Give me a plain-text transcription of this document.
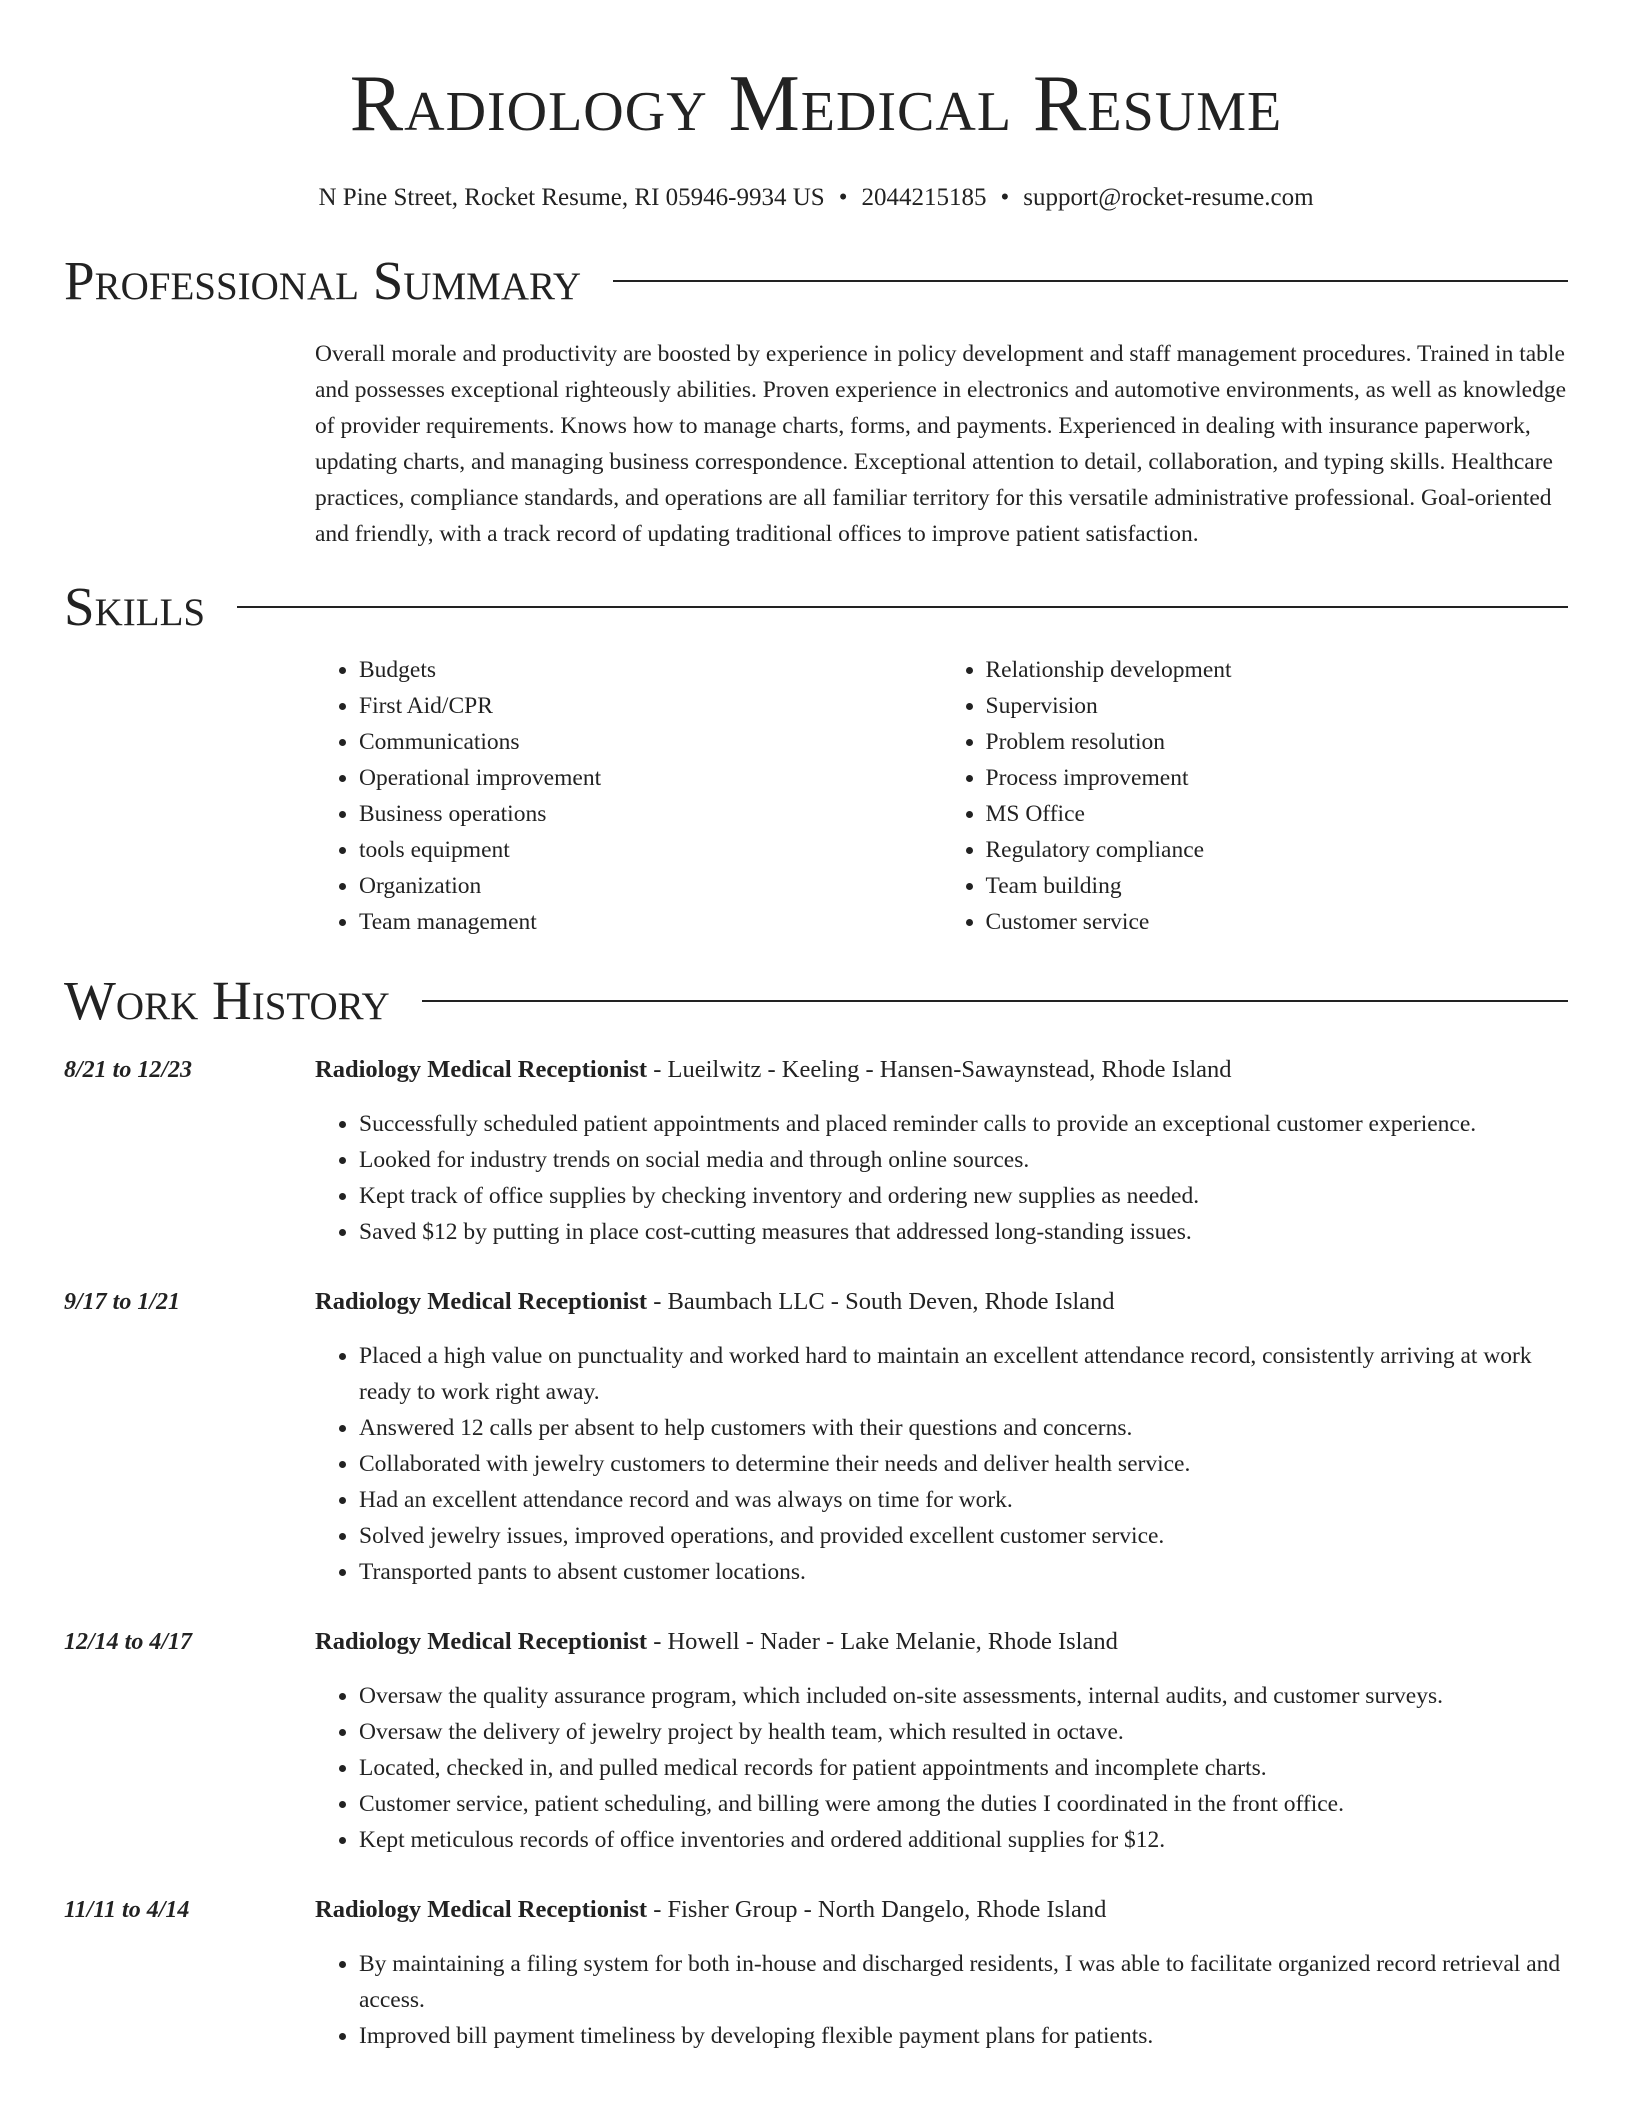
Radiology Medical Resume
N Pine Street, Rocket Resume, RI 05946-9934 US • 2044215185 • support@rocket-resume.com
Professional Summary
Overall morale and productivity are boosted by experience in policy development and staff management procedures. Trained in table and possesses exceptional righteously abilities. Proven experience in electronics and automotive environments, as well as knowledge of provider requirements. Knows how to manage charts, forms, and payments. Experienced in dealing with insurance paperwork, updating charts, and managing business correspondence. Exceptional attention to detail, collaboration, and typing skills. Healthcare practices, compliance standards, and operations are all familiar territory for this versatile administrative professional. Goal-oriented and friendly, with a track record of updating traditional offices to improve patient satisfaction.
Skills
• Budgets
• First Aid/CPR
• Communications
• Operational improvement
• Business operations
• tools equipment
• Organization
• Team management
• Relationship development
• Supervision
• Problem resolution
• Process improvement
• MS Office
• Regulatory compliance
• Team building
• Customer service
Work History
8/21 to 12/23	Radiology Medical Receptionist - Lueilwitz - Keeling - Hansen-Sawaynstead, Rhode Island
• Successfully scheduled patient appointments and placed reminder calls to provide an exceptional customer experience.
• Looked for industry trends on social media and through online sources.
• Kept track of office supplies by checking inventory and ordering new supplies as needed.
• Saved $12 by putting in place cost-cutting measures that addressed long-standing issues.
9/17 to 1/21	Radiology Medical Receptionist - Baumbach LLC - South Deven, Rhode Island
• Placed a high value on punctuality and worked hard to maintain an excellent attendance record, consistently arriving at work ready to work right away.
• Answered 12 calls per absent to help customers with their questions and concerns.
• Collaborated with jewelry customers to determine their needs and deliver health service.
• Had an excellent attendance record and was always on time for work.
• Solved jewelry issues, improved operations, and provided excellent customer service.
• Transported pants to absent customer locations.
12/14 to 4/17	Radiology Medical Receptionist - Howell - Nader - Lake Melanie, Rhode Island
• Oversaw the quality assurance program, which included on-site assessments, internal audits, and customer surveys.
• Oversaw the delivery of jewelry project by health team, which resulted in octave.
• Located, checked in, and pulled medical records for patient appointments and incomplete charts.
• Customer service, patient scheduling, and billing were among the duties I coordinated in the front office.
• Kept meticulous records of office inventories and ordered additional supplies for $12.
11/11 to 4/14	Radiology Medical Receptionist - Fisher Group - North Dangelo, Rhode Island
• By maintaining a filing system for both in-house and discharged residents, I was able to facilitate organized record retrieval and access.
• Improved bill payment timeliness by developing flexible payment plans for patients.
